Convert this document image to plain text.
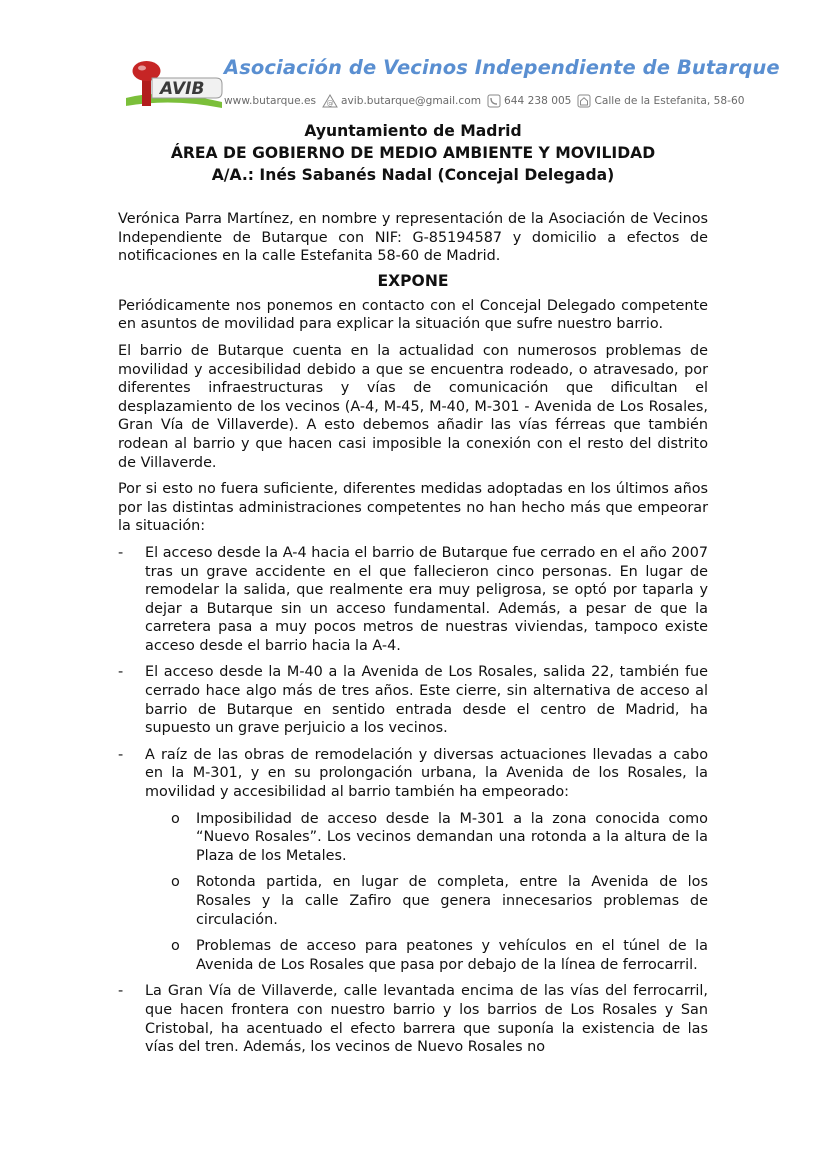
AVIB
Asociación de Vecinos Independiente de Butarque
www.butarque.es @ avib.butarque@gmail.com 644 238 005 Calle de la Estefanita, 58-60
Ayuntamiento de Madrid
ÁREA DE GOBIERNO DE MEDIO AMBIENTE Y MOVILIDAD
A/A.: Inés Sabanés Nadal (Concejal Delegada)

Verónica Parra Martínez, en nombre y representación de la Asociación de Vecinos Independiente de Butarque con NIF: G-85194587 y domicilio a efectos de notificaciones en la calle Estefanita 58-60 de Madrid.

EXPONE

Periódicamente nos ponemos en contacto con el Concejal Delegado competente en asuntos de movilidad para explicar la situación que sufre nuestro barrio.

El barrio de Butarque cuenta en la actualidad con numerosos problemas de movilidad y accesibilidad debido a que se encuentra rodeado, o atravesado, por diferentes infraestructuras y vías de comunicación que dificultan el desplazamiento de los vecinos (A-4, M-45, M-40, M-301 - Avenida de Los Rosales, Gran Vía de Villaverde). A esto debemos añadir las vías férreas que también rodean al barrio y que hacen casi imposible la conexión con el resto del distrito de Villaverde.

Por si esto no fuera suficiente, diferentes medidas adoptadas en los últimos años por las distintas administraciones competentes no han hecho más que empeorar la situación:

- El acceso desde la A-4 hacia el barrio de Butarque fue cerrado en el año 2007 tras un grave accidente en el que fallecieron cinco personas. En lugar de remodelar la salida, que realmente era muy peligrosa, se optó por taparla y dejar a Butarque sin un acceso fundamental. Además, a pesar de que la carretera pasa a muy pocos metros de nuestras viviendas, tampoco existe acceso desde el barrio hacia la A-4.
- El acceso desde la M-40 a la Avenida de Los Rosales, salida 22, también fue cerrado hace algo más de tres años. Este cierre, sin alternativa de acceso al barrio de Butarque en sentido entrada desde el centro de Madrid, ha supuesto un grave perjuicio a los vecinos.
- A raíz de las obras de remodelación y diversas actuaciones llevadas a cabo en la M-301, y en su prolongación urbana, la Avenida de los Rosales, la movilidad y accesibilidad al barrio también ha empeorado:
o Imposibilidad de acceso desde la M-301 a la zona conocida como “Nuevo Rosales”. Los vecinos demandan una rotonda a la altura de la Plaza de los Metales.
o Rotonda partida, en lugar de completa, entre la Avenida de los Rosales y la calle Zafiro que genera innecesarios problemas de circulación.
o Problemas de acceso para peatones y vehículos en el túnel de la Avenida de Los Rosales que pasa por debajo de la línea de ferrocarril.
- La Gran Vía de Villaverde, calle levantada encima de las vías del ferrocarril, que hacen frontera con nuestro barrio y los barrios de Los Rosales y San Cristobal, ha acentuado el efecto barrera que suponía la existencia de las vías del tren. Además, los vecinos de Nuevo Rosales no
